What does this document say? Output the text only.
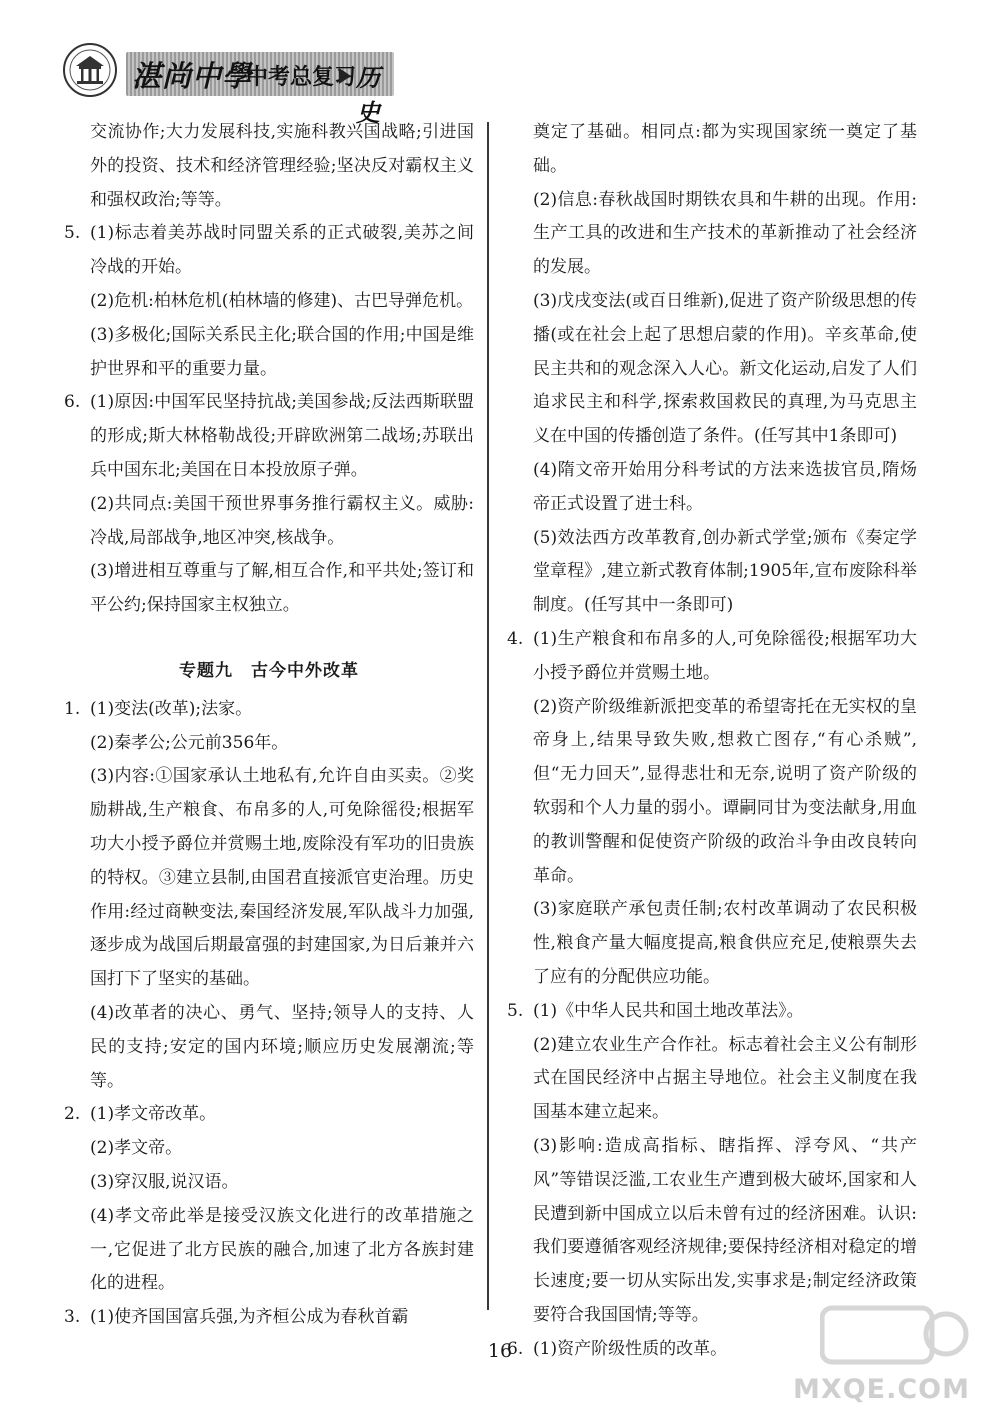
湛尚中學
中考总复习 历史

交流协作;大力发展科技,实施科教兴国战略;引进国外的投资、技术和经济管理经验;坚决反对霸权主义和强权政治;等等。

5. (1)标志着美苏战时同盟关系的正式破裂,美苏之间冷战的开始。

(2)危机:柏林危机(柏林墙的修建)、古巴导弹危机。

(3)多极化;国际关系民主化;联合国的作用;中国是维护世界和平的重要力量。

6. (1)原因:中国军民坚持抗战;美国参战;反法西斯联盟的形成;斯大林格勒战役;开辟欧洲第二战场;苏联出兵中国东北;美国在日本投放原子弹。

(2)共同点:美国干预世界事务推行霸权主义。威胁:冷战,局部战争,地区冲突,核战争。

(3)增进相互尊重与了解,相互合作,和平共处;签订和平公约;保持国家主权独立。

专题九　古今中外改革
1. (1)变法(改革);法家。

(2)秦孝公;公元前356年。

(3)内容:①国家承认土地私有,允许自由买卖。②奖励耕战,生产粮食、布帛多的人,可免除徭役;根据军功大小授予爵位并赏赐土地,废除没有军功的旧贵族的特权。③建立县制,由国君直接派官吏治理。历史作用:经过商鞅变法,秦国经济发展,军队战斗力加强,逐步成为战国后期最富强的封建国家,为日后兼并六国打下了坚实的基础。

(4)改革者的决心、勇气、坚持;领导人的支持、人民的支持;安定的国内环境;顺应历史发展潮流;等等。

2. (1)孝文帝改革。

(2)孝文帝。

(3)穿汉服,说汉语。

(4)孝文帝此举是接受汉族文化进行的改革措施之一,它促进了北方民族的融合,加速了北方各族封建化的进程。

3. (1)使齐国国富兵强,为齐桓公成为春秋首霸

奠定了基础。相同点:都为实现国家统一奠定了基础。

(2)信息:春秋战国时期铁农具和牛耕的出现。作用:生产工具的改进和生产技术的革新推动了社会经济的发展。

(3)戊戌变法(或百日维新),促进了资产阶级思想的传播(或在社会上起了思想启蒙的作用)。辛亥革命,使民主共和的观念深入人心。新文化运动,启发了人们追求民主和科学,探索救国救民的真理,为马克思主义在中国的传播创造了条件。(任写其中1条即可)

(4)隋文帝开始用分科考试的方法来选拔官员,隋炀帝正式设置了进士科。

(5)效法西方改革教育,创办新式学堂;颁布《奏定学堂章程》,建立新式教育体制;1905年,宣布废除科举制度。(任写其中一条即可)

4. (1)生产粮食和布帛多的人,可免除徭役;根据军功大小授予爵位并赏赐土地。

(2)资产阶级维新派把变革的希望寄托在无实权的皇帝身上,结果导致失败,想救亡图存,“有心杀贼”,但“无力回天”,显得悲壮和无奈,说明了资产阶级的软弱和个人力量的弱小。谭嗣同甘为变法献身,用血的教训警醒和促使资产阶级的政治斗争由改良转向革命。

(3)家庭联产承包责任制;农村改革调动了农民积极性,粮食产量大幅度提高,粮食供应充足,使粮票失去了应有的分配供应功能。

5. (1)《中华人民共和国土地改革法》。

(2)建立农业生产合作社。标志着社会主义公有制形式在国民经济中占据主导地位。社会主义制度在我国基本建立起来。

(3)影响:造成高指标、瞎指挥、浮夸风、“共产风”等错误泛滥,工农业生产遭到极大破坏,国家和人民遭到新中国成立以后未曾有过的经济困难。认识:我们要遵循客观经济规律;要保持经济相对稳定的增长速度;要一切从实际出发,实事求是;制定经济政策要符合我国国情;等等。

6. (1)资产阶级性质的改革。
16
MXQE.COM
